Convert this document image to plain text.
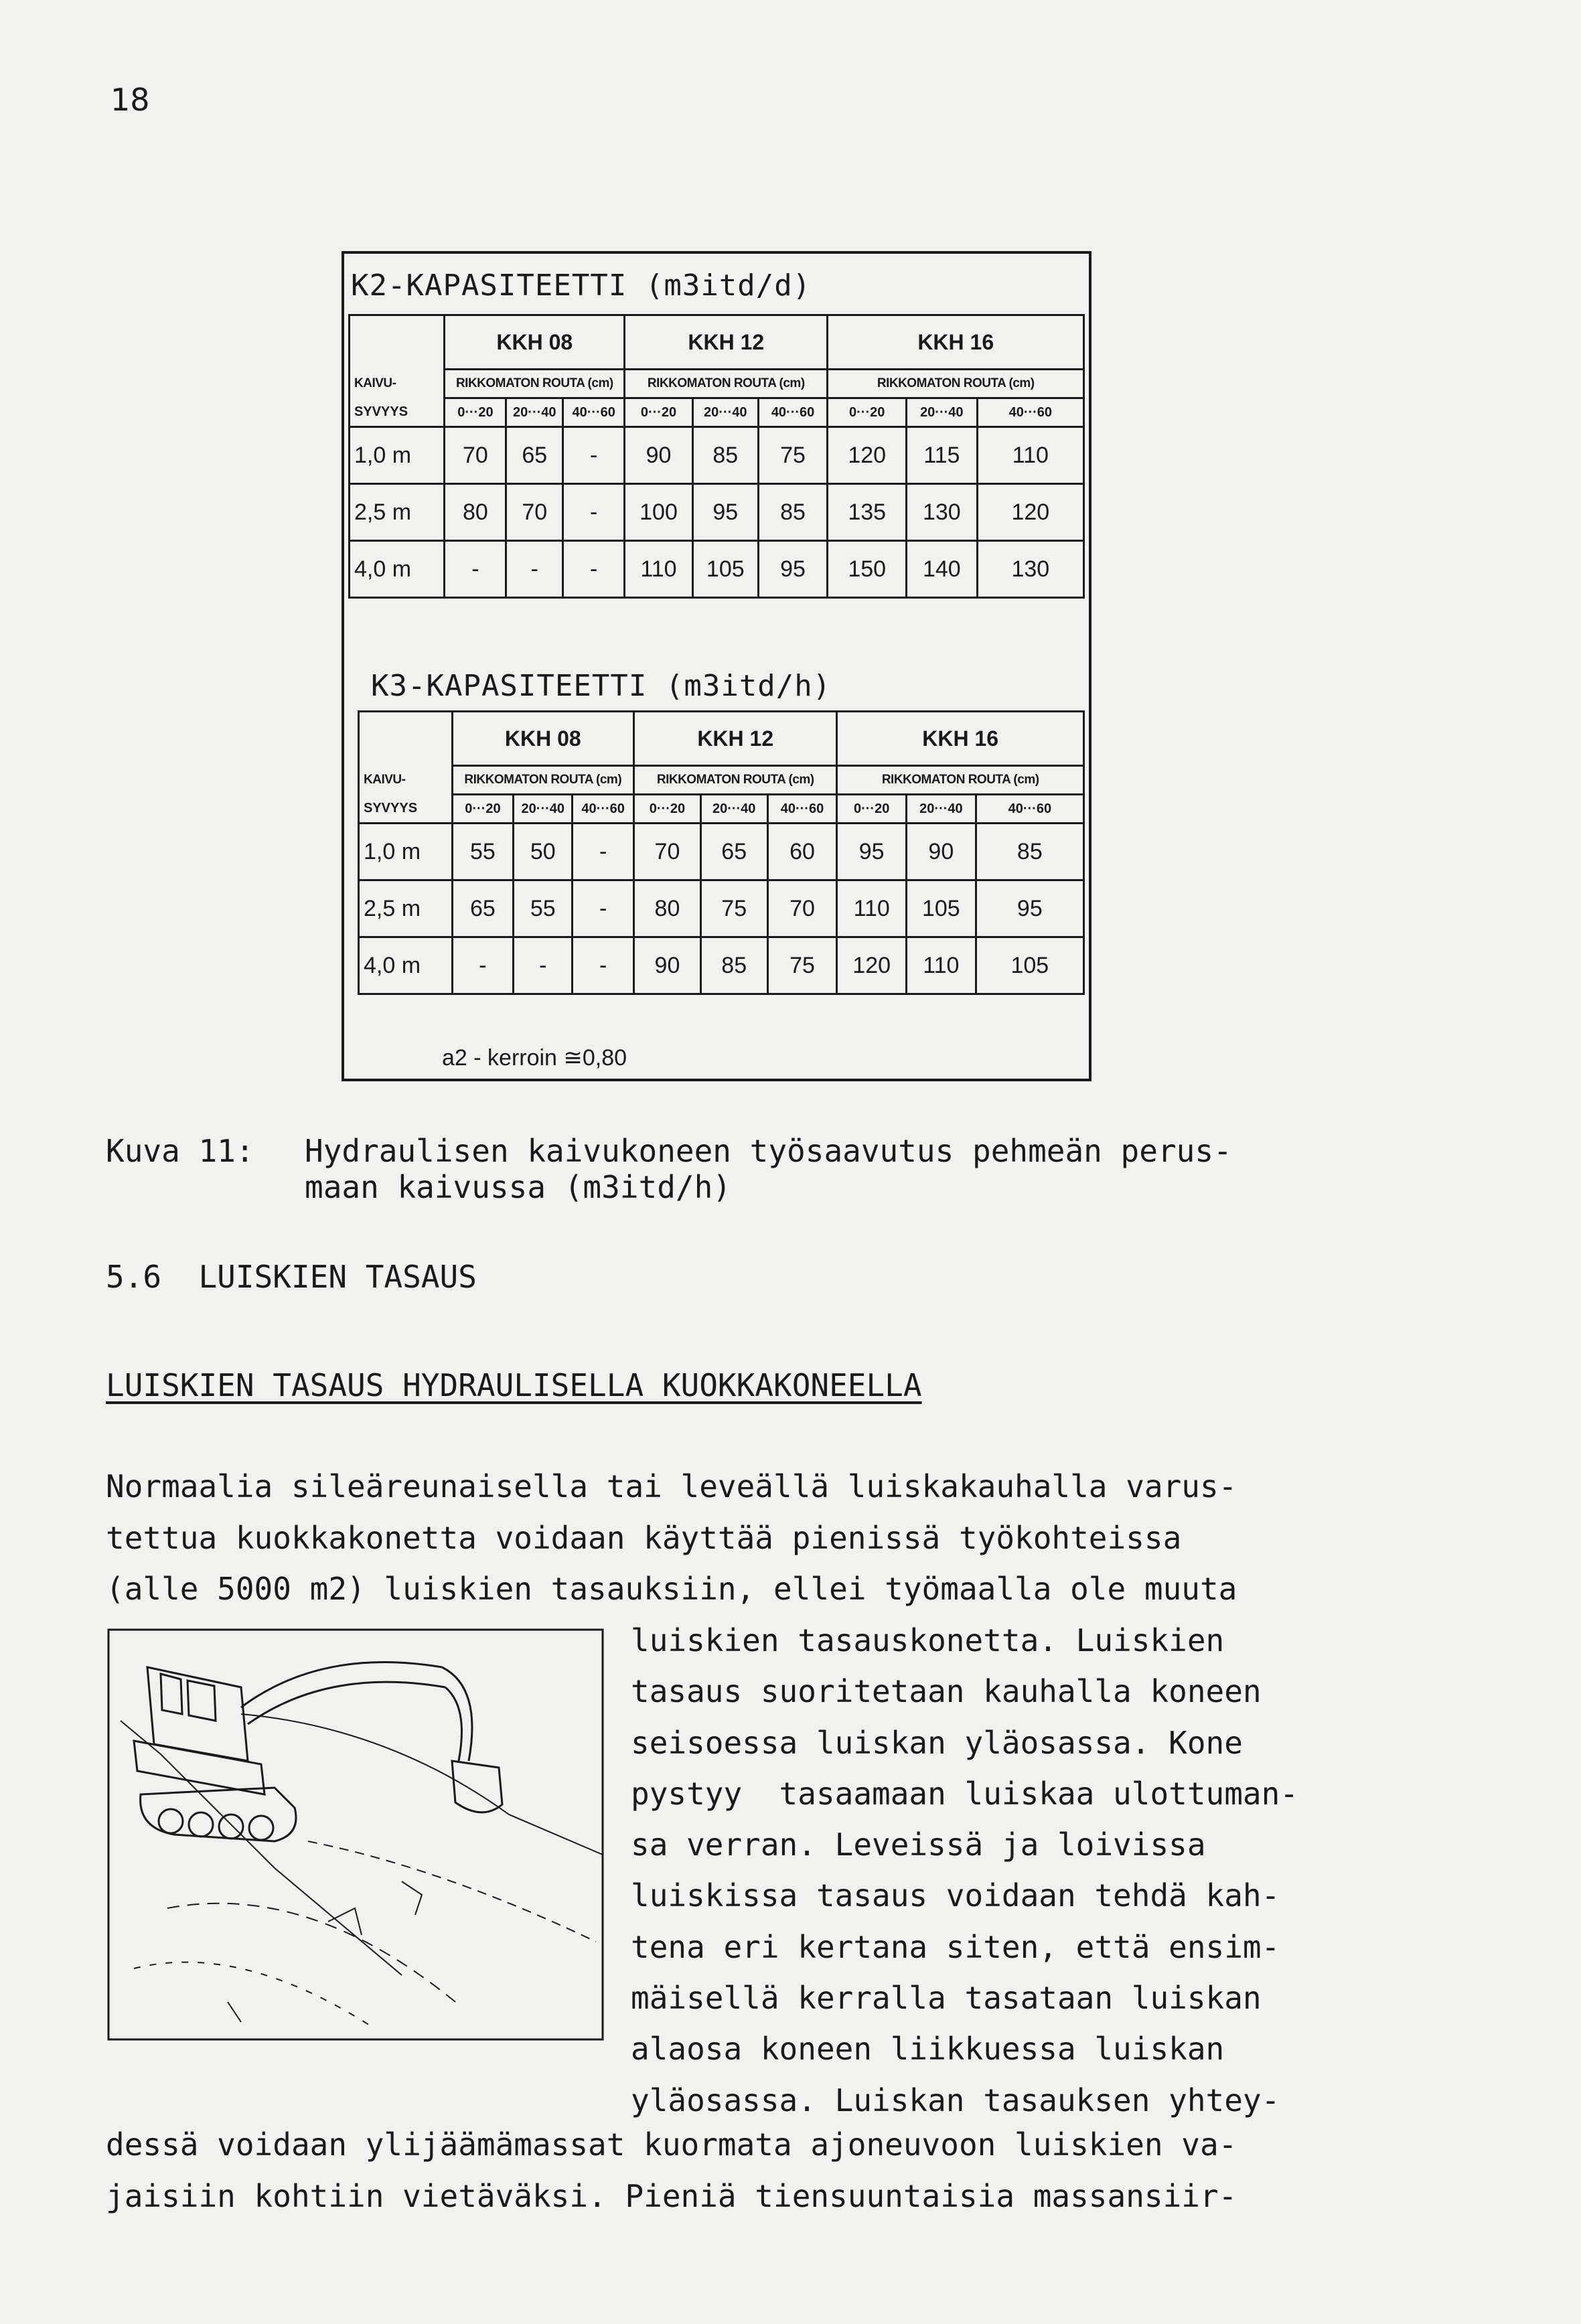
18
K2-KAPASITEETTI (m3itd/d)
	KKH 08			KKH 12			KKH 16		
KAIVU-	RIKKOMATON ROUTA (cm)			RIKKOMATON ROUTA (cm)			RIKKOMATON ROUTA (cm)		
SYVYYS	0···20	20···40	40···60	0···20	20···40	40···60	0···20	20···40	40···60
1,0 m	70	65	-	90	85	75	120	115	110
2,5 m	80	70	-	100	95	85	135	130	120
4,0 m	-	-	-	110	105	95	150	140	130
K3-KAPASITEETTI (m3itd/h)
	KKH 08			KKH 12			KKH 16		
KAIVU-	RIKKOMATON ROUTA (cm)			RIKKOMATON ROUTA (cm)			RIKKOMATON ROUTA (cm)		
SYVYYS	0···20	20···40	40···60	0···20	20···40	40···60	0···20	20···40	40···60
1,0 m	55	50	-	70	65	60	95	90	85
2,5 m	65	55	-	80	75	70	110	105	95
4,0 m	-	-	-	90	85	75	120	110	105
a2 - kerroin ≅0,80
Kuva 11: Hydraulisen kaivukoneen työsaavutus pehmeän perus-
maan kaivussa (m3itd/h)
5.6  LUISKIEN TASAUS
LUISKIEN TASAUS HYDRAULISELLA KUOKKAKONEELLA
Normaalia sileäreunaisella tai leveällä luiskakauhalla varus-
tettua kuokkakonetta voidaan käyttää pienissä työkohteissa
(alle 5000 m2) luiskien tasauksiin, ellei työmaalla ole muuta
luiskien tasauskonetta. Luiskien
tasaus suoritetaan kauhalla koneen
seisoessa luiskan yläosassa. Kone
pystyy  tasaamaan luiskaa ulottuman-
sa verran. Leveissä ja loivissa
luiskissa tasaus voidaan tehdä kah-
tena eri kertana siten, että ensim-
mäisellä kerralla tasataan luiskan
alaosa koneen liikkuessa luiskan
yläosassa. Luiskan tasauksen yhtey-
dessä voidaan ylijäämämassat kuormata ajoneuvoon luiskien va-
jaisiin kohtiin vietäväksi. Pieniä tiensuuntaisia massansiir-
